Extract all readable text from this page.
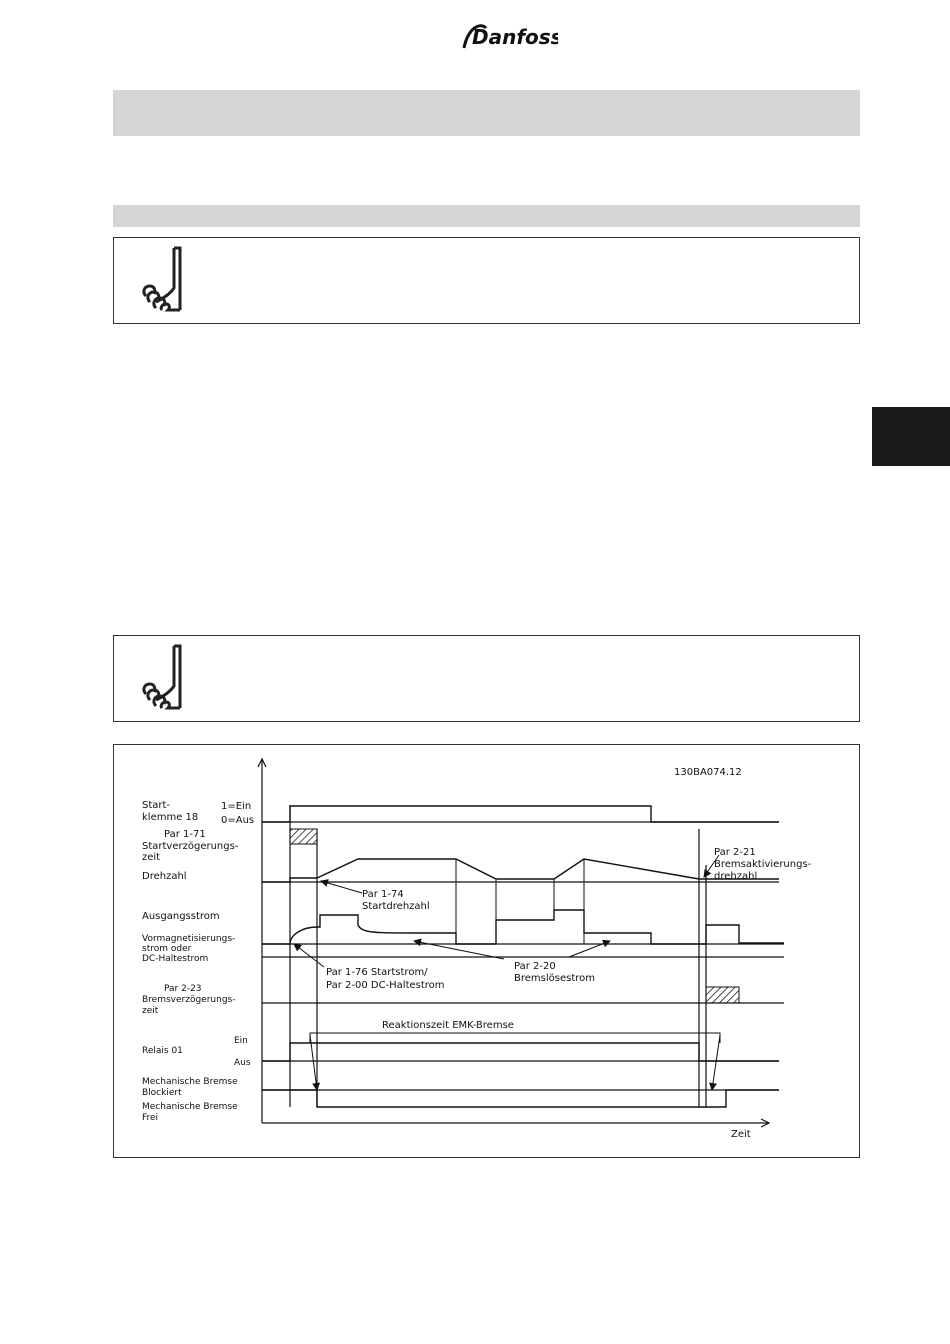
Danfoss
Start-
klemme 18
1=Ein
0=Aus
Par 1-71
Startverzögerungs-
zeit
Drehzahl
Ausgangsstrom
Vormagnetisierungs-
strom oder
DC-Haltestrom
Par 2-23
Bremsverzögerungs-
zeit
Ein
Relais 01
Aus
Mechanische Bremse
Blockiert
Mechanische Bremse
Frei
130BA074.12
Par 1-74
Startdrehzahl
Par 2-21
Bremsaktivierungs-
drehzahl
Par 1-76 Startstrom/
Par 2-00 DC-Haltestrom
Par 2-20
Bremslösestrom
Reaktionszeit EMK-Bremse
Zeit
